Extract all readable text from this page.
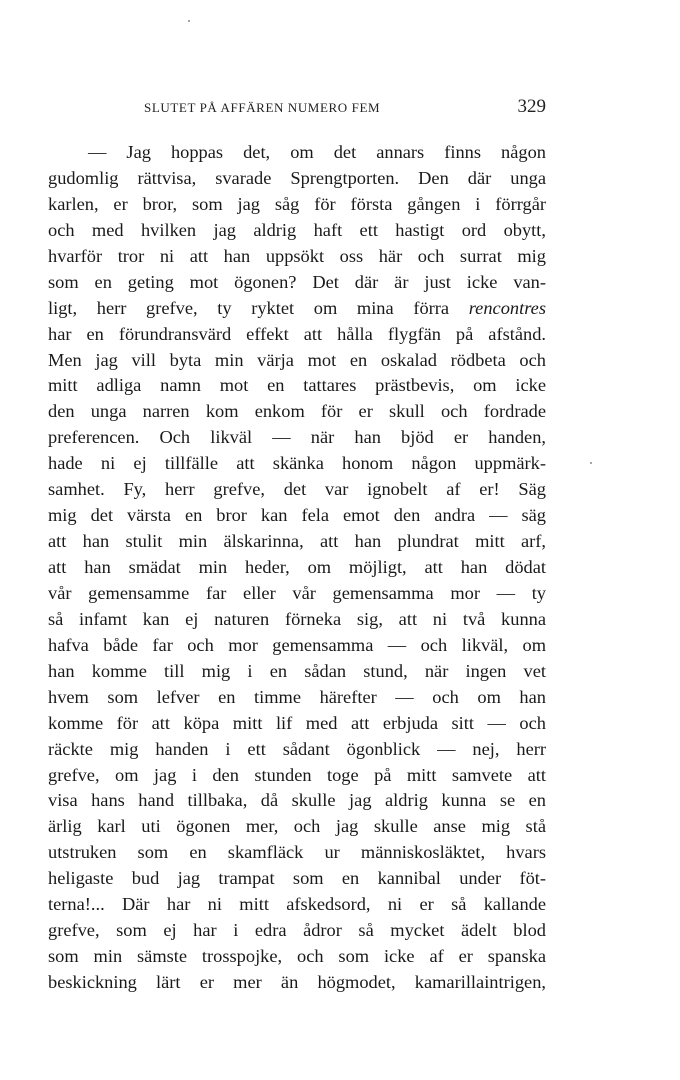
SLUTET PÅ AFFÄREN NUMERO FEM	329
— Jag hoppas det, om det annars finns någon
gudomlig rättvisa, svarade Sprengtporten. Den där unga
karlen, er bror, som jag såg för första gången i förrgår
och med hvilken jag aldrig haft ett hastigt ord obytt,
hvarför tror ni att han uppsökt oss här och surrat mig
som en geting mot ögonen? Det där är just icke van-
ligt, herr grefve, ty ryktet om mina förra rencontres
har en förundransvärd effekt att hålla flygfän på afstånd.
Men jag vill byta min värja mot en oskalad rödbeta och
mitt adliga namn mot en tattares prästbevis, om icke
den unga narren kom enkom för er skull och fordrade
preferencen. Och likväl — när han bjöd er handen,
hade ni ej tillfälle att skänka honom någon uppmärk-
samhet. Fy, herr grefve, det var ignobelt af er! Säg
mig det värsta en bror kan fela emot den andra — säg
att han stulit min älskarinna, att han plundrat mitt arf,
att han smädat min heder, om möjligt, att han dödat
vår gemensamme far eller vår gemensamma mor — ty
så infamt kan ej naturen förneka sig, att ni två kunna
hafva både far och mor gemensamma — och likväl, om
han komme till mig i en sådan stund, när ingen vet
hvem som lefver en timme härefter — och om han
komme för att köpa mitt lif med att erbjuda sitt — och
räckte mig handen i ett sådant ögonblick — nej, herr
grefve, om jag i den stunden toge på mitt samvete att
visa hans hand tillbaka, då skulle jag aldrig kunna se en
ärlig karl uti ögonen mer, och jag skulle anse mig stå
utstruken som en skamfläck ur människosläktet, hvars
heligaste bud jag trampat som en kannibal under föt-
terna!... Där har ni mitt afskedsord, ni er så kallande
grefve, som ej har i edra ådror så mycket ädelt blod
som min sämste trosspojke, och som icke af er spanska
beskickning lärt er mer än högmodet, kamarillaintrigen,
